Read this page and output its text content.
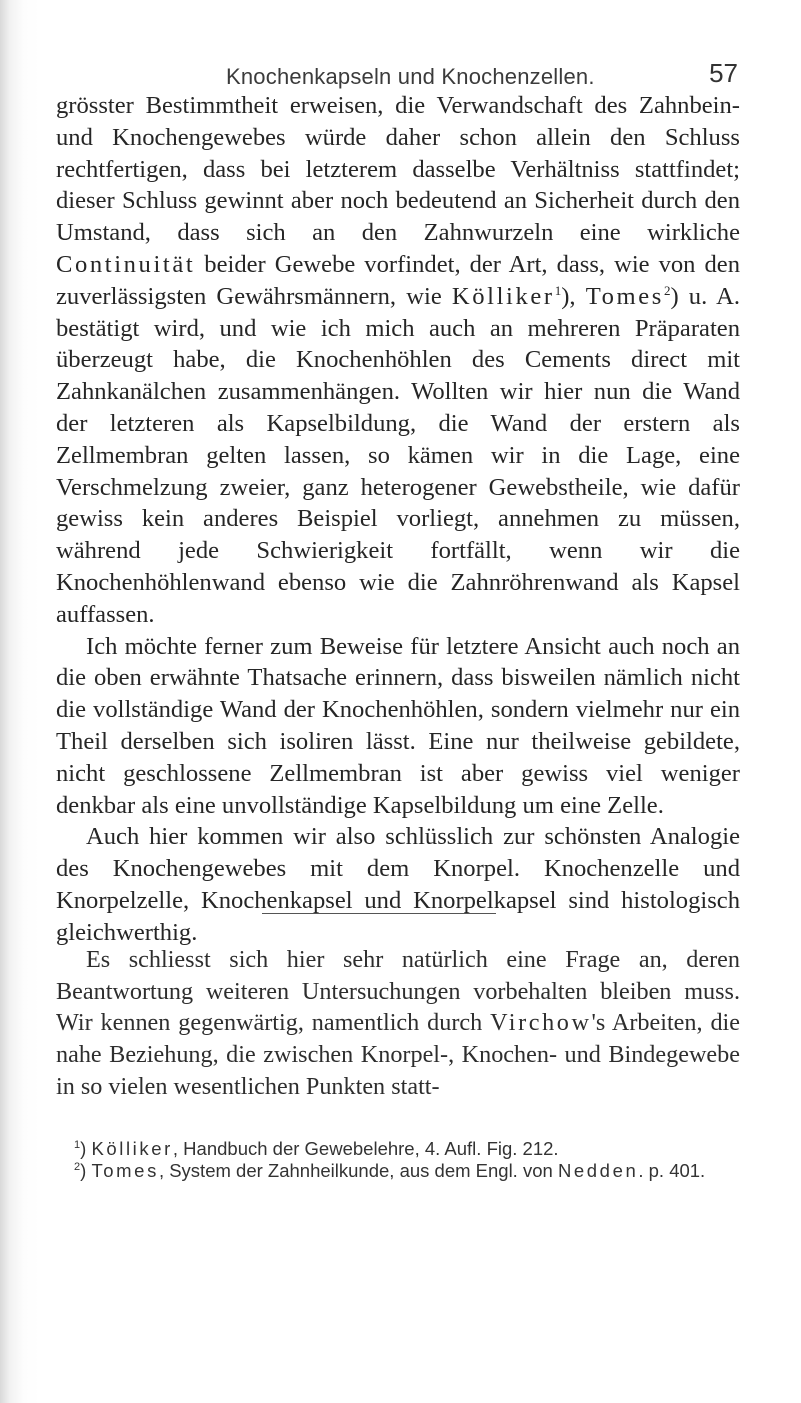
Knochenkapseln und Knochenzellen.	57

grösster Bestimmtheit erweisen, die Verwandschaft des Zahnbein- und Knochengewebes würde daher schon allein den Schluss rechtfertigen, dass bei letzterem dasselbe Verhältniss stattfindet; dieser Schluss gewinnt aber noch bedeutend an Sicherheit durch den Umstand, dass sich an den Zahnwurzeln eine wirkliche Continuität beider Gewebe vorfindet, der Art, dass, wie von den zuverlässigsten Gewährsmännern, wie Kölliker$^1$), Tomes$^2$) u. A. bestätigt wird, und wie ich mich auch an mehreren Präparaten überzeugt habe, die Knochenhöhlen des Cements direct mit Zahnkanälchen zusammenhängen. Wollten wir hier nun die Wand der letzteren als Kapselbildung, die Wand der erstern als Zellmembran gelten lassen, so kämen wir in die Lage, eine Verschmelzung zweier, ganz heterogener Gewebstheile, wie dafür gewiss kein anderes Beispiel vorliegt, annehmen zu müssen, während jede Schwierigkeit fortfällt, wenn wir die Knochenhöhlenwand ebenso wie die Zahnröhrenwand als Kapsel auffassen.

Ich möchte ferner zum Beweise für letztere Ansicht auch noch an die oben erwähnte Thatsache erinnern, dass bisweilen nämlich nicht die vollständige Wand der Knochenhöhlen, sondern vielmehr nur ein Theil derselben sich isoliren lässt. Eine nur theilweise gebildete, nicht geschlossene Zellmembran ist aber gewiss viel weniger denkbar als eine unvollständige Kapselbildung um eine Zelle.

Auch hier kommen wir also schlüsslich zur schönsten Analogie des Knochengewebes mit dem Knorpel. Knochenzelle und Knorpelzelle, Knochenkapsel und Knorpelkapsel sind histologisch gleichwerthig.

Es schliesst sich hier sehr natürlich eine Frage an, deren Beantwortung weiteren Untersuchungen vorbehalten bleiben muss. Wir kennen gegenwärtig, namentlich durch Virchow's Arbeiten, die nahe Beziehung, die zwischen Knorpel-, Knochen- und Bindegewebe in so vielen wesentlichen Punkten statt-

$^1$) Kölliker, Handbuch der Gewebelehre, 4. Aufl. Fig. 212.

$^2$) Tomes, System der Zahnheilkunde, aus dem Engl. von Nedden. p. 401.
